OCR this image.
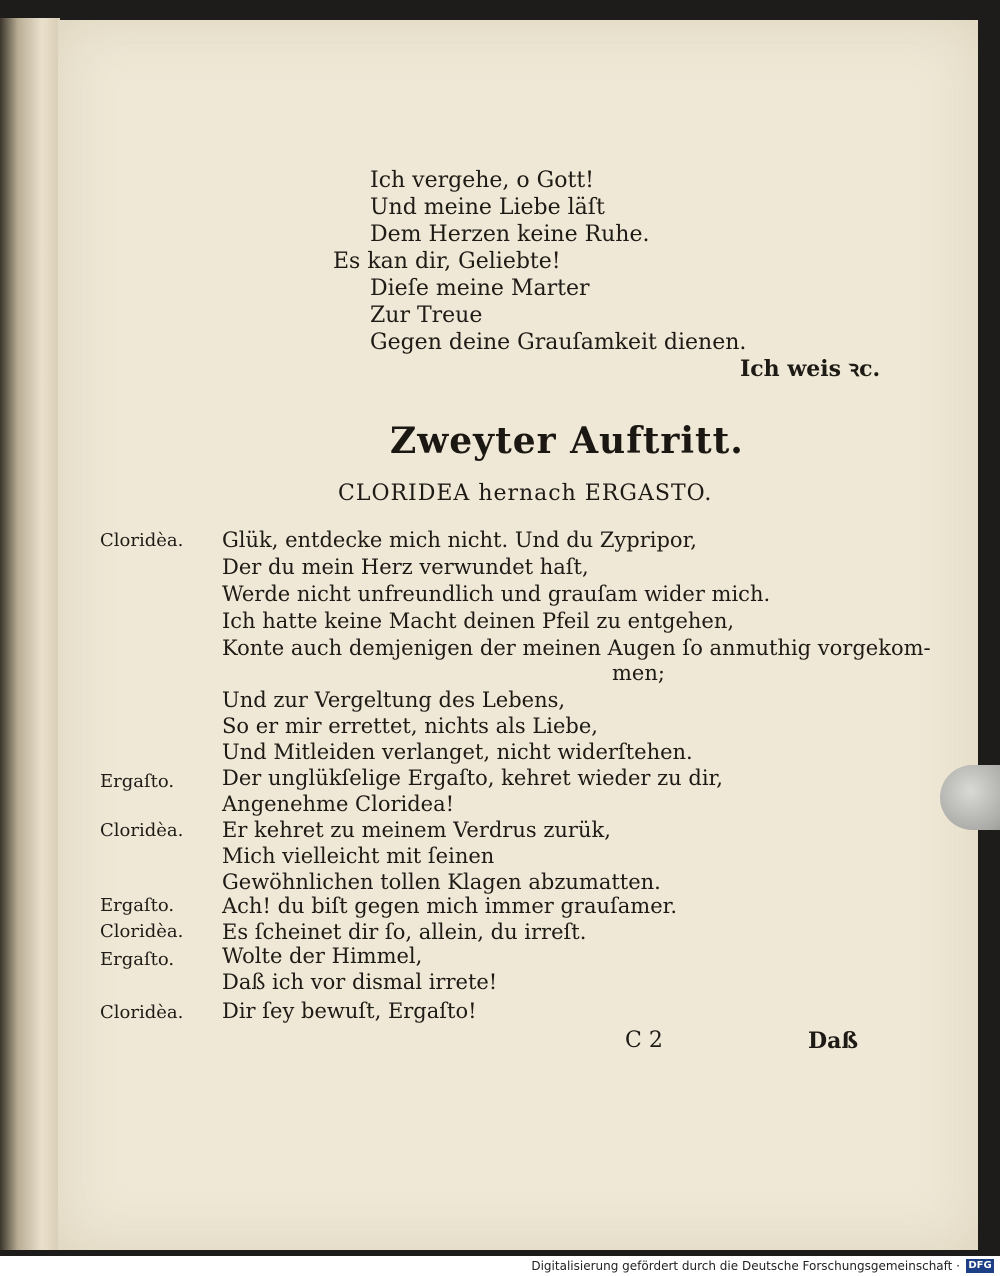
Ich vergehe, o Gott!
Und meine Liebe läſt
Dem Herzen keine Ruhe.
Es kan dir, Geliebte!
Dieſe meine Marter
Zur Treue
Gegen deine Grauſamkeit dienen.
Ich weis ꝛc.
Zweyter Auftritt.
CLORIDEA hernach ERGASTO.
Cloridèa. Glük, entdecke mich nicht. Und du Zypripor,
Der du mein Herz verwundet haſt,
Werde nicht unfreundlich und grauſam wider mich.
Ich hatte keine Macht deinen Pfeil zu entgehen,
Konte auch demjenigen der meinen Augen ſo anmuthig vorgekom-
men;
Und zur Vergeltung des Lebens,
So er mir errettet, nichts als Liebe,
Und Mitleiden verlanget, nicht widerſtehen.
Ergaſto. Der unglükſelige Ergaſto, kehret wieder zu dir,
Angenehme Cloridea!
Cloridèa. Er kehret zu meinem Verdrus zurük,
Mich vielleicht mit ſeinen
Gewöhnlichen tollen Klagen abzumatten.
Ergaſto. Ach! du biſt gegen mich immer grauſamer.
Cloridèa. Es ſcheinet dir ſo, allein, du irreſt.
Ergaſto. Wolte der Himmel,
Daß ich vor dismal irrete!
Cloridèa. Dir ſey bewuſt, Ergaſto!
C 2	Daß
Digitalisierung gefördert durch die Deutsche Forschungsgemeinschaft · DFG
